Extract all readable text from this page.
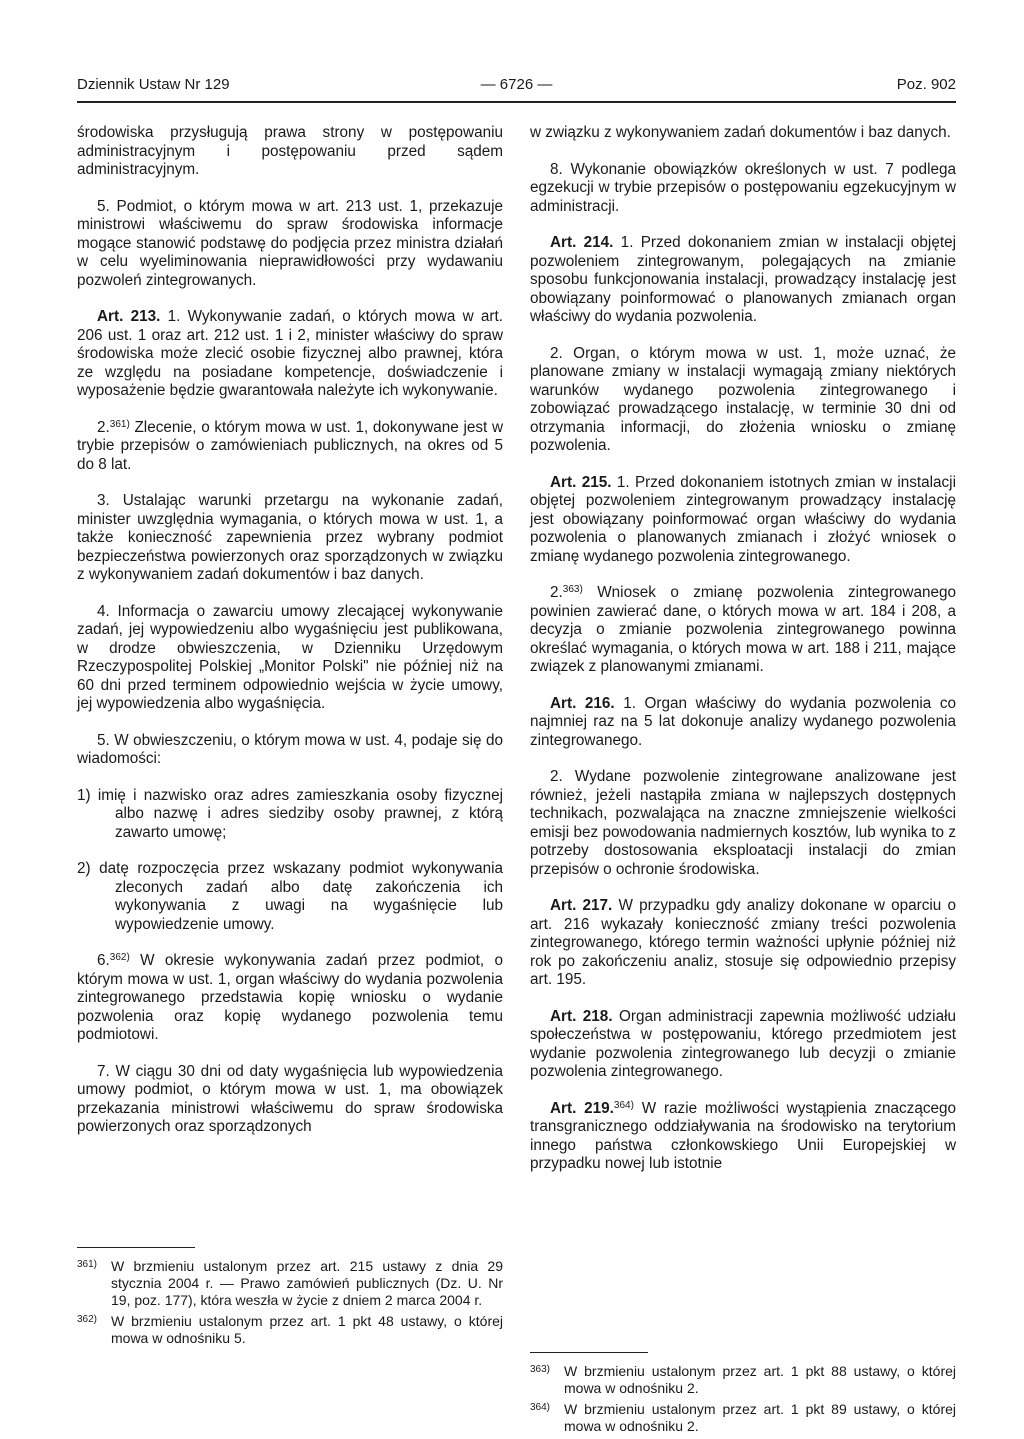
Dziennik Ustaw Nr 129	— 6726 —	Poz. 902

środowiska przysługują prawa strony w postępowaniu administracyjnym i postępowaniu przed sądem administracyjnym.

5. Podmiot, o którym mowa w art. 213 ust. 1, przekazuje ministrowi właściwemu do spraw środowiska informacje mogące stanowić podstawę do podjęcia przez ministra działań w celu wyeliminowania nieprawidłowości przy wydawaniu pozwoleń zintegrowanych.

Art. 213. 1. Wykonywanie zadań, o których mowa w art. 206 ust. 1 oraz art. 212 ust. 1 i 2, minister właściwy do spraw środowiska może zlecić osobie fizycznej albo prawnej, która ze względu na posiadane kompetencje, doświadczenie i wyposażenie będzie gwarantowała należyte ich wykonywanie.

2.$^{361)}$ Zlecenie, o którym mowa w ust. 1, dokonywane jest w trybie przepisów o zamówieniach publicznych, na okres od 5 do 8 lat.

3. Ustalając warunki przetargu na wykonanie zadań, minister uwzględnia wymagania, o których mowa w ust. 1, a także konieczność zapewnienia przez wybrany podmiot bezpieczeństwa powierzonych oraz sporządzonych w związku z wykonywaniem zadań dokumentów i baz danych.

4. Informacja o zawarciu umowy zlecającej wykonywanie zadań, jej wypowiedzeniu albo wygaśnięciu jest publikowana, w drodze obwieszczenia, w Dzienniku Urzędowym Rzeczypospolitej Polskiej „Monitor Polski" nie później niż na 60 dni przed terminem odpowiednio wejścia w życie umowy, jej wypowiedzenia albo wygaśnięcia.

5. W obwieszczeniu, o którym mowa w ust. 4, podaje się do wiadomości:

1) imię i nazwisko oraz adres zamieszkania osoby fizycznej albo nazwę i adres siedziby osoby prawnej, z którą zawarto umowę;
2) datę rozpoczęcia przez wskazany podmiot wykonywania zleconych zadań albo datę zakończenia ich wykonywania z uwagi na wygaśnięcie lub wypowiedzenie umowy.

6.$^{362)}$ W okresie wykonywania zadań przez podmiot, o którym mowa w ust. 1, organ właściwy do wydania pozwolenia zintegrowanego przedstawia kopię wniosku o wydanie pozwolenia oraz kopię wydanego pozwolenia temu podmiotowi.

7. W ciągu 30 dni od daty wygaśnięcia lub wypowiedzenia umowy podmiot, o którym mowa w ust. 1, ma obowiązek przekazania ministrowi właściwemu do spraw środowiska powierzonych oraz sporządzonych

w związku z wykonywaniem zadań dokumentów i baz danych.

8. Wykonanie obowiązków określonych w ust. 7 podlega egzekucji w trybie przepisów o postępowaniu egzekucyjnym w administracji.

Art. 214. 1. Przed dokonaniem zmian w instalacji objętej pozwoleniem zintegrowanym, polegających na zmianie sposobu funkcjonowania instalacji, prowadzący instalację jest obowiązany poinformować o planowanych zmianach organ właściwy do wydania pozwolenia.

2. Organ, o którym mowa w ust. 1, może uznać, że planowane zmiany w instalacji wymagają zmiany niektórych warunków wydanego pozwolenia zintegrowanego i zobowiązać prowadzącego instalację, w terminie 30 dni od otrzymania informacji, do złożenia wniosku o zmianę pozwolenia.

Art. 215. 1. Przed dokonaniem istotnych zmian w instalacji objętej pozwoleniem zintegrowanym prowadzący instalację jest obowiązany poinformować organ właściwy do wydania pozwolenia o planowanych zmianach i złożyć wniosek o zmianę wydanego pozwolenia zintegrowanego.

2.$^{363)}$ Wniosek o zmianę pozwolenia zintegrowanego powinien zawierać dane, o których mowa w art. 184 i 208, a decyzja o zmianie pozwolenia zintegrowanego powinna określać wymagania, o których mowa w art. 188 i 211, mające związek z planowanymi zmianami.

Art. 216. 1. Organ właściwy do wydania pozwolenia co najmniej raz na 5 lat dokonuje analizy wydanego pozwolenia zintegrowanego.

2. Wydane pozwolenie zintegrowane analizowane jest również, jeżeli nastąpiła zmiana w najlepszych dostępnych technikach, pozwalająca na znaczne zmniejszenie wielkości emisji bez powodowania nadmiernych kosztów, lub wynika to z potrzeby dostosowania eksploatacji instalacji do zmian przepisów o ochronie środowiska.

Art. 217. W przypadku gdy analizy dokonane w oparciu o art. 216 wykazały konieczność zmiany treści pozwolenia zintegrowanego, którego termin ważności upłynie później niż rok po zakończeniu analiz, stosuje się odpowiednio przepisy art. 195.

Art. 218. Organ administracji zapewnia możliwość udziału społeczeństwa w postępowaniu, którego przedmiotem jest wydanie pozwolenia zintegrowanego lub decyzji o zmianie pozwolenia zintegrowanego.

Art. 219.$^{364)}$ W razie możliwości wystąpienia znaczącego transgranicznego oddziaływania na środowisko na terytorium innego państwa członkowskiego Unii Europejskiej w przypadku nowej lub istotnie

361) W brzmieniu ustalonym przez art. 215 ustawy z dnia 29 stycznia 2004 r. — Prawo zamówień publicznych (Dz. U. Nr 19, poz. 177), która weszła w życie z dniem 2 marca 2004 r.
362) W brzmieniu ustalonym przez art. 1 pkt 48 ustawy, o której mowa w odnośniku 5.
363) W brzmieniu ustalonym przez art. 1 pkt 88 ustawy, o której mowa w odnośniku 2.
364) W brzmieniu ustalonym przez art. 1 pkt 89 ustawy, o której mowa w odnośniku 2.
